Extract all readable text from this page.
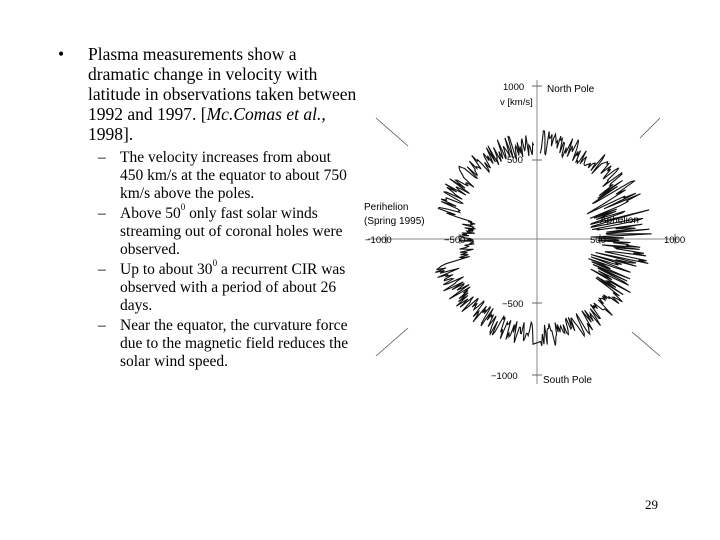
• Plasma measurements show a dramatic change in velocity with latitude in observations taken between 1992 and 1997. [Mc.Comas et al., 1998].
– The velocity increases from about 450 km/s at the equator to about 750 km/s above the poles.
– Above $50^0$ only fast solar winds streaming out of coronal holes were observed.
– Up to about $30^0$ a recurrent CIR was observed with a period of about 26 days.
– Near the equator, the curvature force due to the magnetic field reduces the solar wind speed.
v [km/s]
North Pole
South Pole
Perihelion
(Spring 1995)	Aphelion
1000
500
−500
−1000
−1000	−500	500	1000
29
